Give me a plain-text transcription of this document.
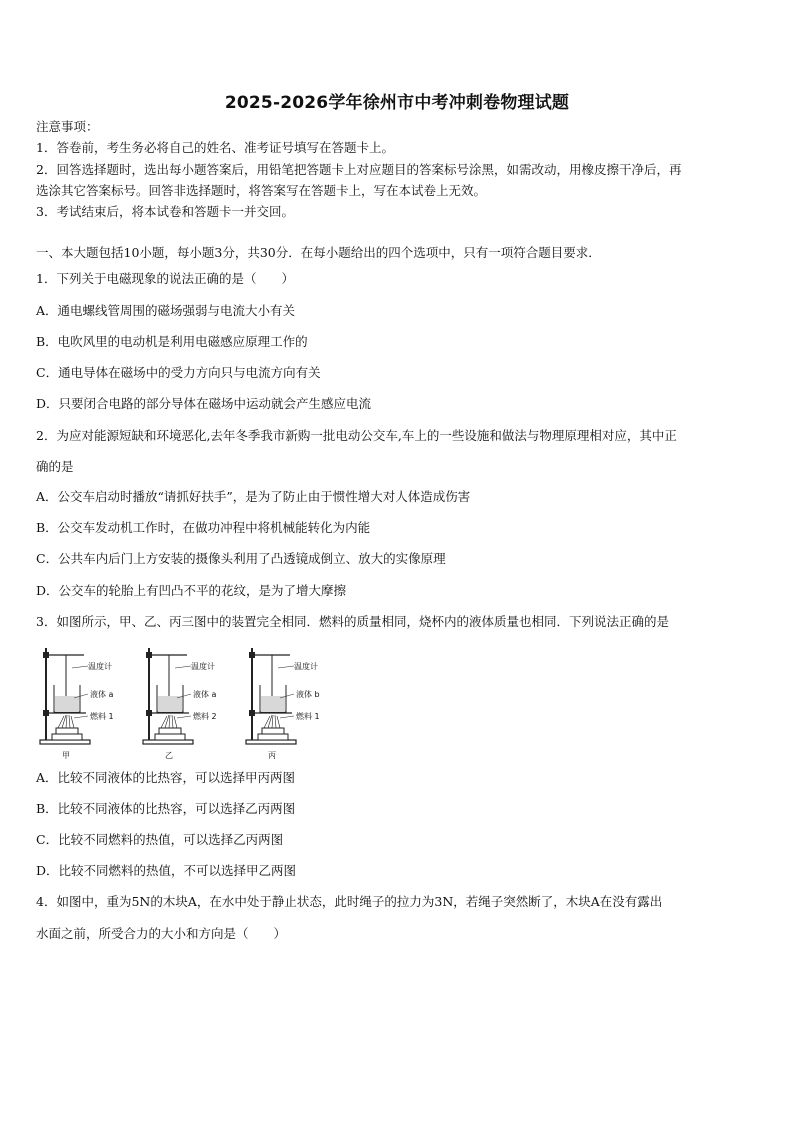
2025-2026学年徐州市中考冲刺卷物理试题
注意事项：
1．答卷前，考生务必将自己的姓名、准考证号填写在答题卡上。
2．回答选择题时，选出每小题答案后，用铅笔把答题卡上对应题目的答案标号涂黑，如需改动，用橡皮擦干净后，再
选涂其它答案标号。回答非选择题时，将答案写在答题卡上，写在本试卷上无效。
3．考试结束后，将本试卷和答题卡一并交回。
一、本大题包括10小题，每小题3分，共30分．在每小题给出的四个选项中，只有一项符合题目要求．
1．下列关于电磁现象的说法正确的是（　　）
A．通电螺线管周围的磁场强弱与电流大小有关
B．电吹风里的电动机是利用电磁感应原理工作的
C．通电导体在磁场中的受力方向只与电流方向有关
D．只要闭合电路的部分导体在磁场中运动就会产生感应电流
2．为应对能源短缺和环境恶化,去年冬季我市新购一批电动公交车,车上的一些设施和做法与物理原理相对应，其中正
确的是
A．公交车启动时播放“请抓好扶手”，是为了防止由于惯性增大对人体造成伤害
B．公交车发动机工作时，在做功冲程中将机械能转化为内能
C．公共车内后门上方安装的摄像头利用了凸透镜成倒立、放大的实像原理
D．公交车的轮胎上有凹凸不平的花纹，是为了增大摩擦
3．如图所示，甲、乙、丙三图中的装置完全相同．燃料的质量相同，烧杯内的液体质量也相同．下列说法正确的是
温度计
液体 a
燃料 1
甲
温度计
液体 a
燃料 2
乙
温度计
液体 b
燃料 1
丙
A．比较不同液体的比热容，可以选择甲丙两图
B．比较不同液体的比热容，可以选择乙丙两图
C．比较不同燃料的热值，可以选择乙丙两图
D．比较不同燃料的热值，不可以选择甲乙两图
4．如图中，重为5N的木块A，在水中处于静止状态，此时绳子的拉力为3N，若绳子突然断了，木块A在没有露出
水面之前，所受合力的大小和方向是（　　）
